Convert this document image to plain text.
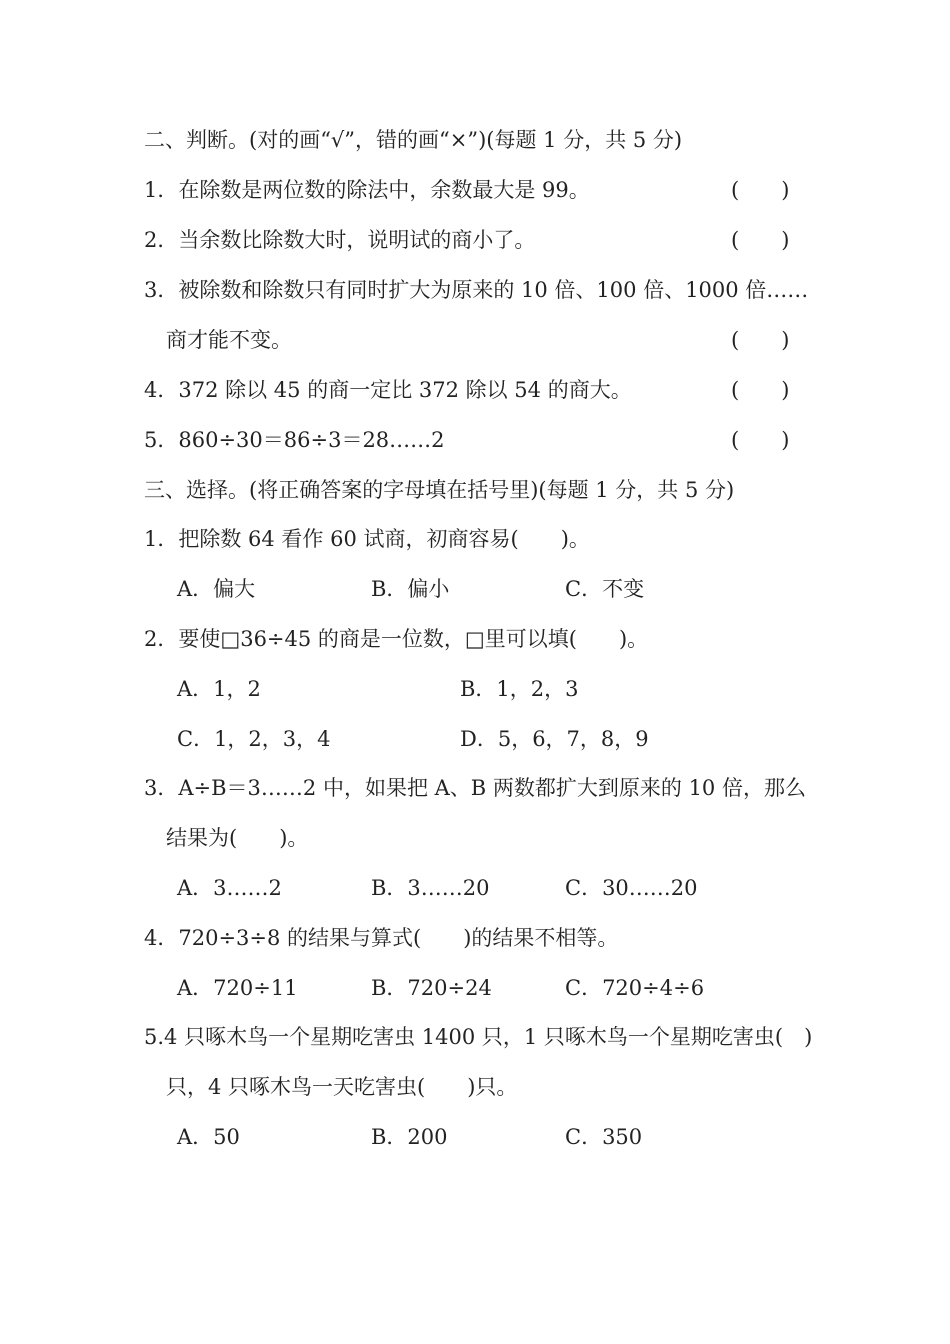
二、判断。(对的画“√”，错的画“×”)(每题 1 分，共 5 分)
1．在除数是两位数的除法中，余数最大是 99。	(　　)
2．当余数比除数大时，说明试的商小了。	(　　)
3．被除数和除数只有同时扩大为原来的 10 倍、100 倍、1000 倍……
商才能不变。	(　　)
4．372 除以 45 的商一定比 372 除以 54 的商大。	(　　)
5．860÷30＝86÷3＝28……2	(　　)
三、选择。(将正确答案的字母填在括号里)(每题 1 分，共 5 分)
1．把除数 64 看作 60 试商，初商容易(　　)。
A．偏大	B．偏小	C．不变
2．要使□36÷45 的商是一位数，□里可以填(　　)。
A．1，2	B．1，2，3
C．1，2，3，4	D．5，6，7，8，9
3．A÷B＝3……2 中，如果把 A、B 两数都扩大到原来的 10 倍，那么
结果为(　　)。
A．3……2	B．3……20	C．30……20
4．720÷3÷8 的结果与算式(　　)的结果不相等。
A．720÷11	B．720÷24	C．720÷4÷6
5.4 只啄木鸟一个星期吃害虫 1400 只，1 只啄木鸟一个星期吃害虫(　)
只，4 只啄木鸟一天吃害虫(　　)只。
A．50	B．200	C．350
